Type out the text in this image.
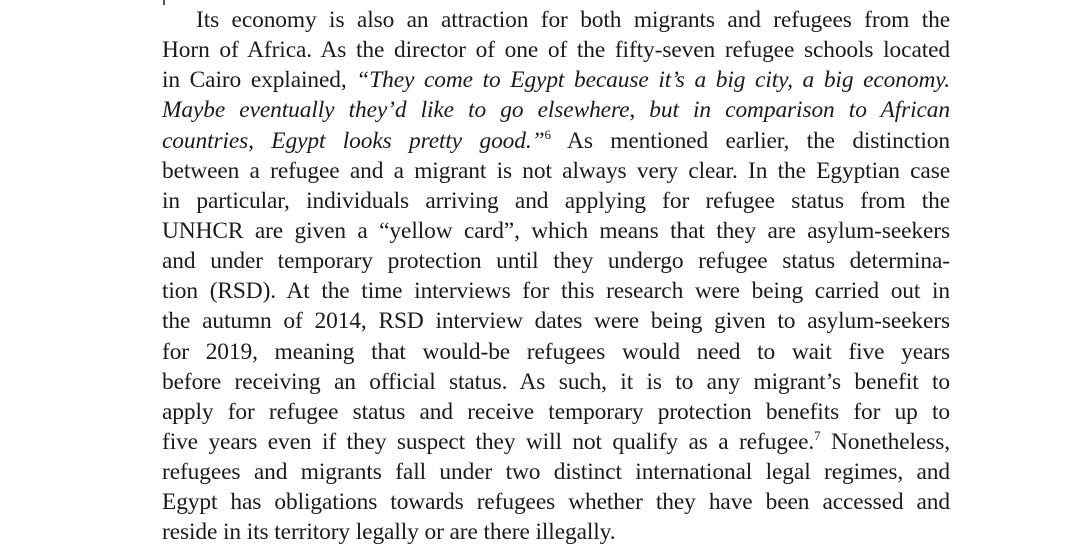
Its economy is also an attraction for both migrants and refugees from the
Horn of Africa. As the director of one of the fifty-seven refugee schools located
in Cairo explained, “They come to Egypt because it’s a big city, a big economy.
Maybe eventually they’d like to go elsewhere, but in comparison to African
countries, Egypt looks pretty good.”$^6$ As mentioned earlier, the distinction
between a refugee and a migrant is not always very clear. In the Egyptian case
in particular, individuals arriving and applying for refugee status from the
UNHCR are given a “yellow card”, which means that they are asylum-seekers
and under temporary protection until they undergo refugee status determina-
tion (RSD). At the time interviews for this research were being carried out in
the autumn of 2014, RSD interview dates were being given to asylum-seekers
for 2019, meaning that would-be refugees would need to wait five years
before receiving an official status. As such, it is to any migrant’s benefit to
apply for refugee status and receive temporary protection benefits for up to
five years even if they suspect they will not qualify as a refugee.$^7$ Nonetheless,
refugees and migrants fall under two distinct international legal regimes, and
Egypt has obligations towards refugees whether they have been accessed and
reside in its territory legally or are there illegally.
